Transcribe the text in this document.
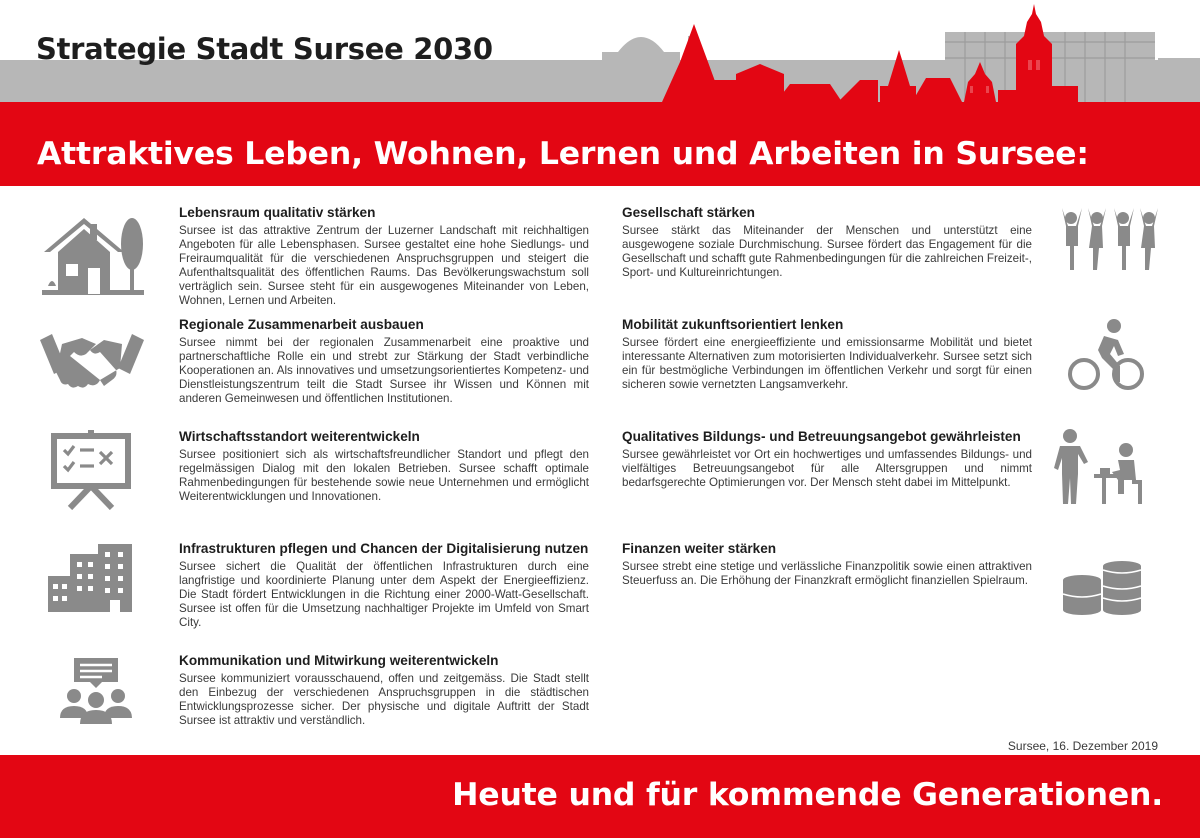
Strategie Stadt Sursee 2030
Attraktives Leben, Wohnen, Lernen und Arbeiten in Sursee:
Lebensraum qualitativ stärken

Sursee ist das attraktive Zentrum der Luzerner Landschaft mit reichhaltigen Angeboten für alle Lebensphasen. Sursee gestaltet eine hohe Siedlungs- und Freiraumqualität für die verschiedenen Anspruchsgruppen und steigert die Aufenthaltsqualität des öffentlichen Raums. Das Bevölkerungswachstum soll verträglich sein. Sursee steht für ein ausgewogenes Miteinander von Leben, Wohnen, Lernen und Arbeiten.

Regionale Zusammenarbeit ausbauen

Sursee nimmt bei der regionalen Zusammenarbeit eine proaktive und partnerschaftliche Rolle ein und strebt zur Stärkung der Stadt verbindliche Kooperationen an. Als innovatives und umsetzungsorientiertes Kompetenz- und Dienstleistungszentrum teilt die Stadt Sursee ihr Wissen und Können mit anderen Gemeinwesen und öffentlichen Institutionen.

Wirtschaftsstandort weiterentwickeln

Sursee positioniert sich als wirtschaftsfreundlicher Standort und pflegt den regelmässigen Dialog mit den lokalen Betrieben. Sursee schafft optimale Rahmenbedingungen für bestehende sowie neue Unternehmen und ermöglicht Weiterentwicklungen und Innovationen.

Infrastrukturen pflegen und Chancen der Digitalisierung nutzen

Sursee sichert die Qualität der öffentlichen Infrastrukturen durch eine langfristige und koordinierte Planung unter dem Aspekt der Energieeffizienz. Die Stadt fördert Entwicklungen in die Richtung einer 2000-Watt-Gesellschaft. Sursee ist offen für die Umsetzung nachhaltiger Projekte im Umfeld von Smart City.

Kommunikation und Mitwirkung weiterentwickeln

Sursee kommuniziert vorausschauend, offen und zeitgemäss. Die Stadt stellt den Einbezug der verschiedenen Anspruchsgruppen in die städtischen Entwicklungsprozesse sicher. Der physische und digitale Auftritt der Stadt Sursee ist attraktiv und verständlich.

Gesellschaft stärken

Sursee stärkt das Miteinander der Menschen und unterstützt eine ausgewogene soziale Durchmischung. Sursee fördert das Engagement für die Gesellschaft und schafft gute Rahmenbedingungen für die zahlreichen Freizeit-, Sport- und Kultureinrichtungen.

Mobilität zukunftsorientiert lenken

Sursee fördert eine energieeffiziente und emissionsarme Mobilität und bietet interessante Alternativen zum motorisierten Individualverkehr. Sursee setzt sich ein für bestmögliche Verbindungen im öffentlichen Verkehr und sorgt für einen sicheren sowie vernetzten Langsamverkehr.

Qualitatives Bildungs- und Betreuungsangebot gewährleisten

Sursee gewährleistet vor Ort ein hochwertiges und umfassendes Bildungs- und vielfältiges Betreuungsangebot für alle Altersgruppen und nimmt bedarfsgerechte Optimierungen vor. Der Mensch steht dabei im Mittelpunkt.

Finanzen weiter stärken

Sursee strebt eine stetige und verlässliche Finanzpolitik sowie einen attraktiven Steuerfuss an. Die Erhöhung der Finanzkraft ermöglicht finanziellen Spielraum.

Sursee, 16. Dezember 2019

Heute und für kommende Generationen.
